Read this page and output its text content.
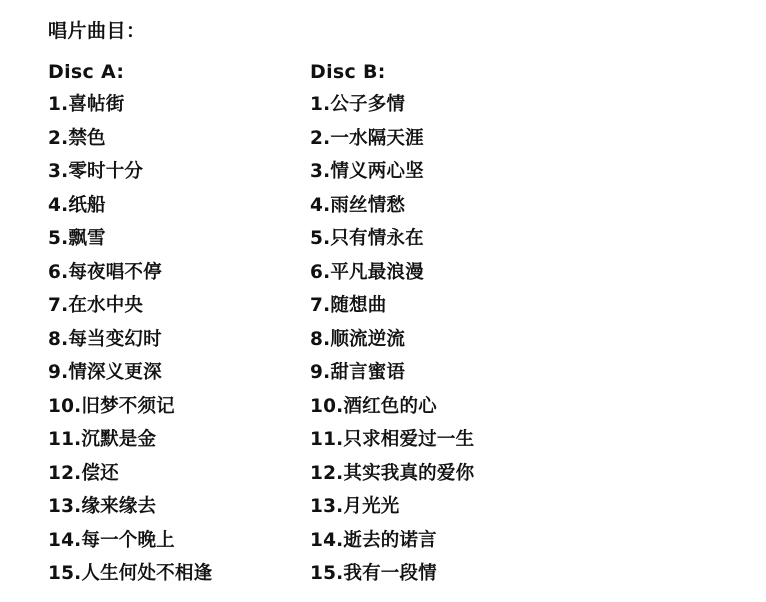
唱片曲目：
Disc A:
1.喜帖街
2.禁色
3.零时十分
4.纸船
5.飘雪
6.每夜唱不停
7.在水中央
8.每当变幻时
9.情深义更深
10.旧梦不须记
11.沉默是金
12.偿还
13.缘来缘去
14.每一个晚上
15.人生何处不相逢
Disc B:
1.公子多情
2.一水隔天涯
3.情义两心坚
4.雨丝情愁
5.只有情永在
6.平凡最浪漫
7.随想曲
8.顺流逆流
9.甜言蜜语
10.酒红色的心
11.只求相爱过一生
12.其实我真的爱你
13.月光光
14.逝去的诺言
15.我有一段情
